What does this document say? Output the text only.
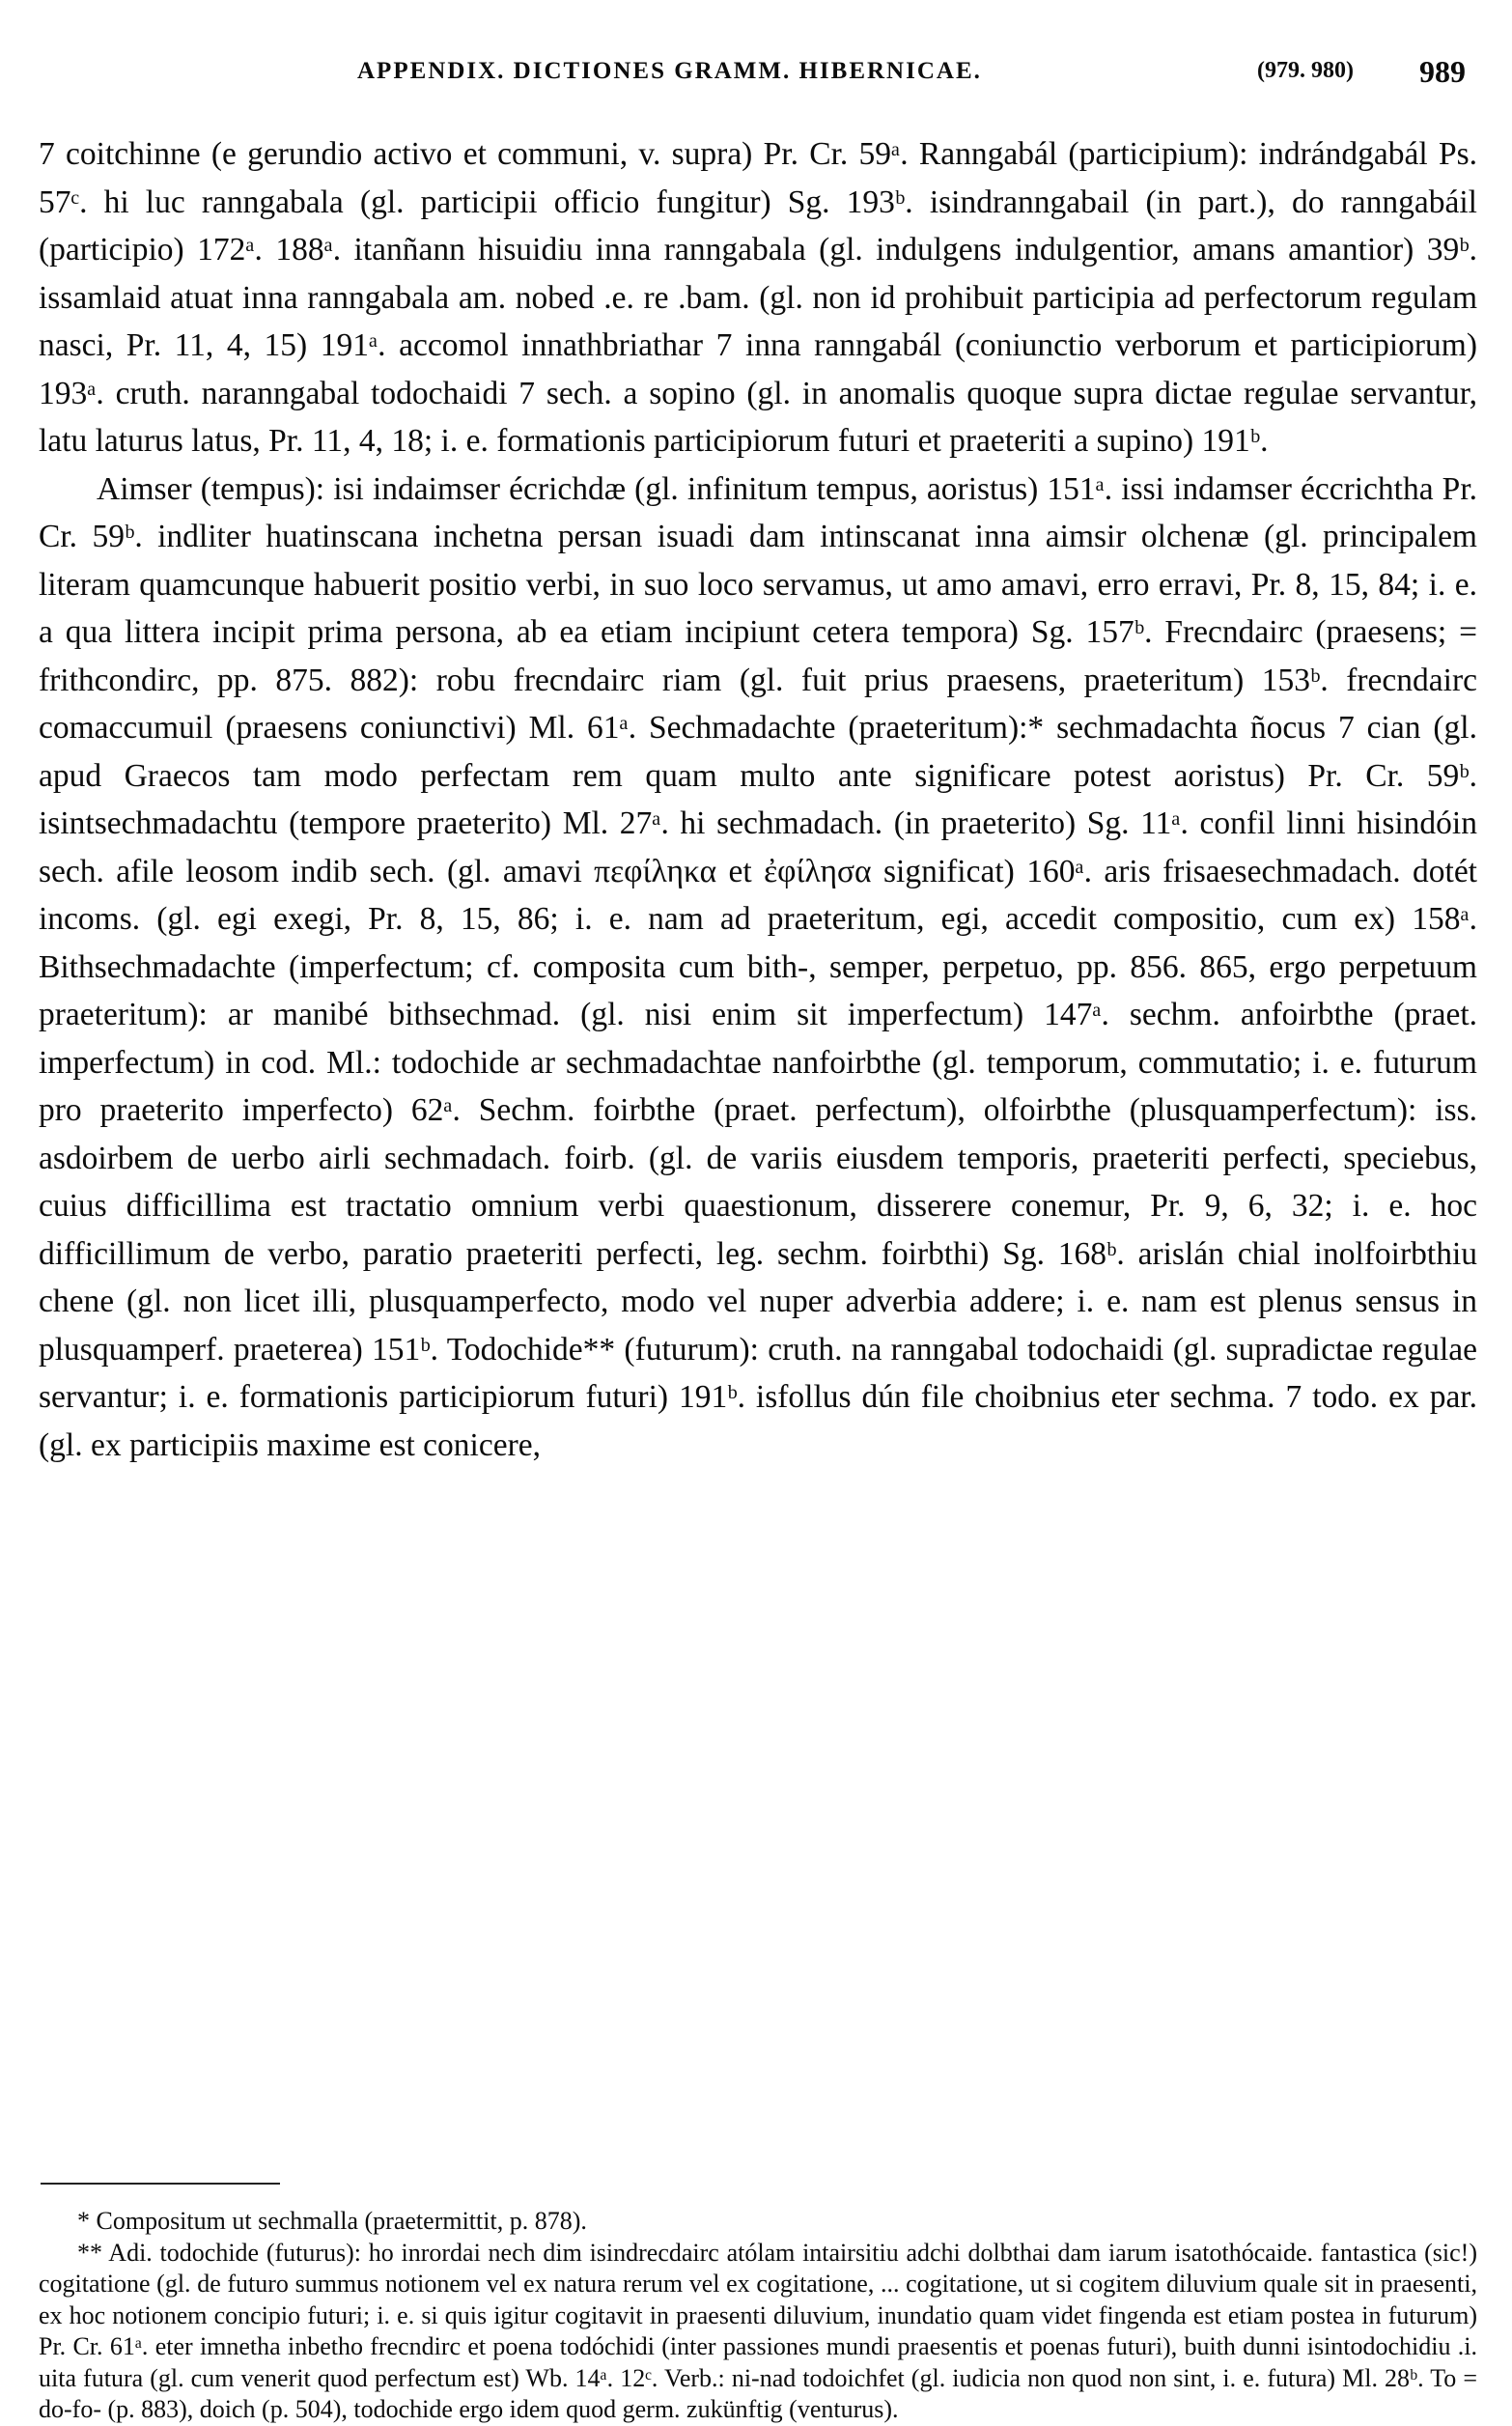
APPENDIX. DICTIONES GRAMM. HIBERNICAE.	(979. 980) 989

7 coitchinne (e gerundio activo et communi, v. supra) Pr. Cr. 59ᵃ. Ranngabál (participium): indrándgabál Ps. 57ᶜ. hi luc ranngabala (gl. participii officio fungitur) Sg. 193ᵇ. isindranngabail (in part.), do ranngabáil (participio) 172ᵃ. 188ᵃ. itanñann hisuidiu inna ranngabala (gl. indulgens indulgentior, amans amantior) 39ᵇ. issamlaid atuat inna ranngabala am. nobed .e. re .bam. (gl. non id prohibuit participia ad perfectorum regulam nasci, Pr. 11, 4, 15) 191ᵃ. accomol innathbriathar 7 inna ranngabál (coniunctio verborum et participiorum) 193ᵃ. cruth. naranngabal todochaidi 7 sech. a sopino (gl. in anomalis quoque supra dictae regulae servantur, latu laturus latus, Pr. 11, 4, 18; i. e. formationis participiorum futuri et praeteriti a supino) 191ᵇ.

Aimser (tempus): isi indaimser écrichdæ (gl. infinitum tempus, aoristus) 151ᵃ. issi indamser éccrichtha Pr. Cr. 59ᵇ. indliter huatinscana inchetna persan isuadi dam intinscanat inna aimsir olchenæ (gl. principalem literam quamcunque habuerit positio verbi, in suo loco servamus, ut amo amavi, erro erravi, Pr. 8, 15, 84; i. e. a qua littera incipit prima persona, ab ea etiam incipiunt cetera tempora) Sg. 157ᵇ. Frecndairc (praesens; = frithcondirc, pp. 875. 882): robu frecndairc riam (gl. fuit prius praesens, praeteritum) 153ᵇ. frecndairc comaccumuil (praesens coniunctivi) Ml. 61ᵃ. Sechmadachte (praeteritum):* sechmadachta ñocus 7 cian (gl. apud Graecos tam modo perfectam rem quam multo ante significare potest aoristus) Pr. Cr. 59ᵇ. isintsechmadachtu (tempore praeterito) Ml. 27ᵃ. hi sechmadach. (in praeterito) Sg. 11ᵃ. confil linni hisindóin sech. afile leosom indib sech. (gl. amavi πεφίληκα et ἐφίλησα significat) 160ᵃ. aris frisaesechmadach. dotét incoms. (gl. egi exegi, Pr. 8, 15, 86; i. e. nam ad praeteritum, egi, accedit compositio, cum ex) 158ᵃ. Bithsechmadachte (imperfectum; cf. composita cum bith-, semper, perpetuo, pp. 856. 865, ergo perpetuum praeteritum): ar manibé bithsechmad. (gl. nisi enim sit imperfectum) 147ᵃ. sechm. anfoirbthe (praet. imperfectum) in cod. Ml.: todochide ar sechmadachtae nanfoirbthe (gl. temporum, commutatio; i. e. futurum pro praeterito imperfecto) 62ᵃ. Sechm. foirbthe (praet. perfectum), olfoirbthe (plusquamperfectum): iss. asdoirbem de uerbo airli sechmadach. foirb. (gl. de variis eiusdem temporis, praeteriti perfecti, speciebus, cuius difficillima est tractatio omnium verbi quaestionum, disserere conemur, Pr. 9, 6, 32; i. e. hoc difficillimum de verbo, paratio praeteriti perfecti, leg. sechm. foirbthi) Sg. 168ᵇ. arislán chial inolfoirbthiu chene (gl. non licet illi, plusquamperfecto, modo vel nuper adverbia addere; i. e. nam est plenus sensus in plusquamperf. praeterea) 151ᵇ. Todochide** (futurum): cruth. na ranngabal todochaidi (gl. supradictae regulae servantur; i. e. formationis participiorum futuri) 191ᵇ. isfollus dún file choibnius eter sechma. 7 todo. ex par. (gl. ex participiis maxime est conicere,

* Compositum ut sechmalla (praetermittit, p. 878).

** Adi. todochide (futurus): ho inrordai nech dim isindrecdairc atólam intairsitiu adchi dolbthai dam iarum isatothócaide. fantastica (sic!) cogitatione (gl. de futuro summus notionem vel ex natura rerum vel ex cogitatione, ... cogitatione, ut si cogitem diluvium quale sit in praesenti, ex hoc notionem concipio futuri; i. e. si quis igitur cogitavit in praesenti diluvium, inundatio quam videt fingenda est etiam postea in futurum) Pr. Cr. 61ᵃ. eter imnetha inbetho frecndirc et poena todóchidi (inter passiones mundi praesentis et poenas futuri), buith dunni isintodochidiu .i. uita futura (gl. cum venerit quod perfectum est) Wb. 14ᵃ. 12ᶜ. Verb.: ni-nad todoichfet (gl. iudicia non quod non sint, i. e. futura) Ml. 28ᵇ. To = do-fo- (p. 883), doich (p. 504), todochide ergo idem quod germ. zukünftig (venturus).
